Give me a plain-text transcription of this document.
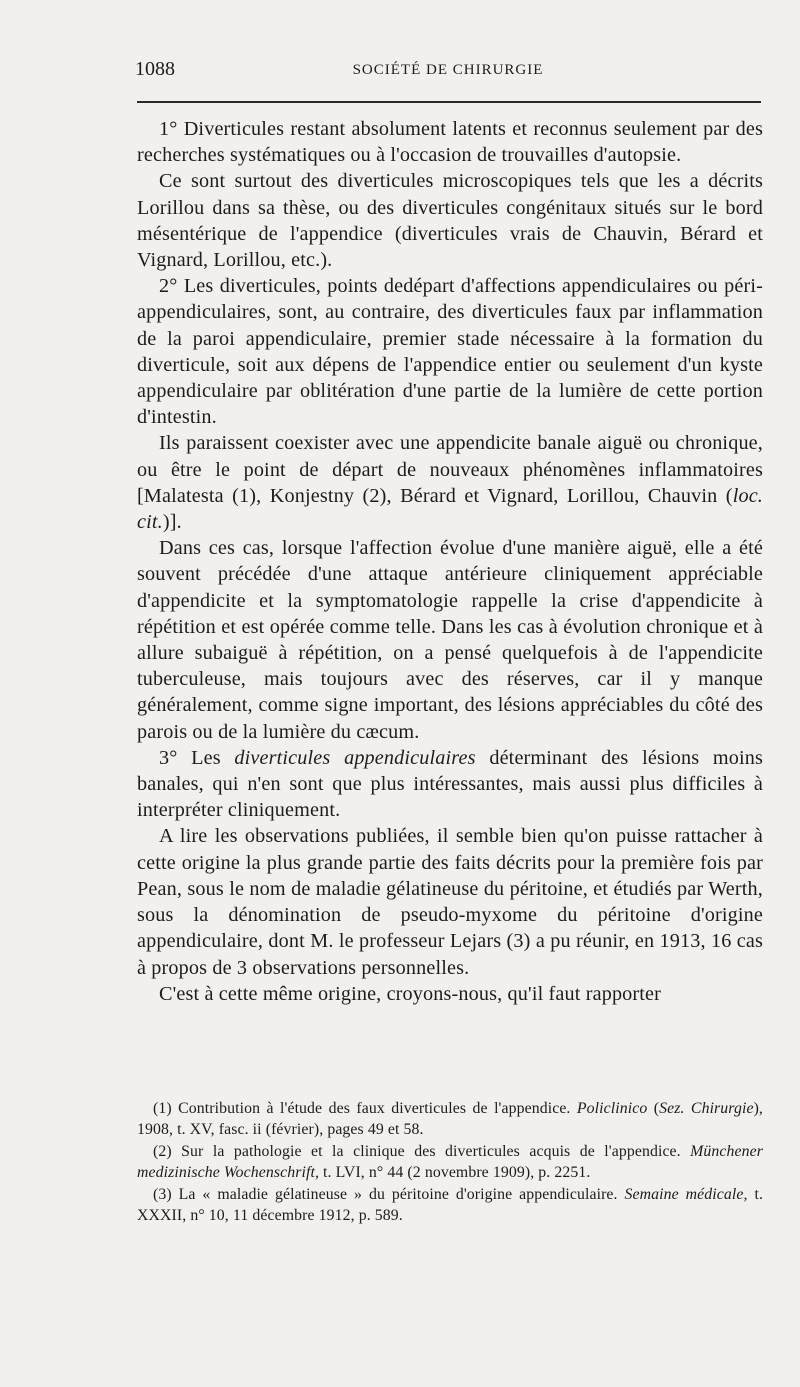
1088	SOCIÉTÉ DE CHIRURGIE

1° Diverticules restant absolument latents et reconnus seulement par des recherches systématiques ou à l'occasion de trouvailles d'autopsie.

Ce sont surtout des diverticules microscopiques tels que les a décrits Lorillou dans sa thèse, ou des diverticules congénitaux situés sur le bord mésentérique de l'appendice (diverticules vrais de Chauvin, Bérard et Vignard, Lorillou, etc.).

2° Les diverticules, points dedépart d'affections appendiculaires ou péri-appendiculaires, sont, au contraire, des diverticules faux par inflammation de la paroi appendiculaire, premier stade nécessaire à la formation du diverticule, soit aux dépens de l'appendice entier ou seulement d'un kyste appendiculaire par oblitération d'une partie de la lumière de cette portion d'intestin.

Ils paraissent coexister avec une appendicite banale aiguë ou chronique, ou être le point de départ de nouveaux phénomènes inflammatoires [Malatesta (1), Konjestny (2), Bérard et Vignard, Lorillou, Chauvin (loc. cit.)].

Dans ces cas, lorsque l'affection évolue d'une manière aiguë, elle a été souvent précédée d'une attaque antérieure cliniquement appréciable d'appendicite et la symptomatologie rappelle la crise d'appendicite à répétition et est opérée comme telle. Dans les cas à évolution chronique et à allure subaiguë à répétition, on a pensé quelquefois à de l'appendicite tuberculeuse, mais toujours avec des réserves, car il y manque généralement, comme signe important, des lésions appréciables du côté des parois ou de la lumière du cæcum.

3° Les diverticules appendiculaires déterminant des lésions moins banales, qui n'en sont que plus intéressantes, mais aussi plus difficiles à interpréter cliniquement.

A lire les observations publiées, il semble bien qu'on puisse rattacher à cette origine la plus grande partie des faits décrits pour la première fois par Pean, sous le nom de maladie gélatineuse du péritoine, et étudiés par Werth, sous la dénomination de pseudo-myxome du péritoine d'origine appendiculaire, dont M. le professeur Lejars (3) a pu réunir, en 1913, 16 cas à propos de 3 observations personnelles.

C'est à cette même origine, croyons-nous, qu'il faut rapporter

(1) Contribution à l'étude des faux diverticules de l'appendice. Policlinico (Sez. Chirurgie), 1908, t. XV, fasc. ii (février), pages 49 et 58.

(2) Sur la pathologie et la clinique des diverticules acquis de l'appendice. Münchener medizinische Wochenschrift, t. LVI, n° 44 (2 novembre 1909), p. 2251.

(3) La « maladie gélatineuse » du péritoine d'origine appendiculaire. Semaine médicale, t. XXXII, n° 10, 11 décembre 1912, p. 589.
